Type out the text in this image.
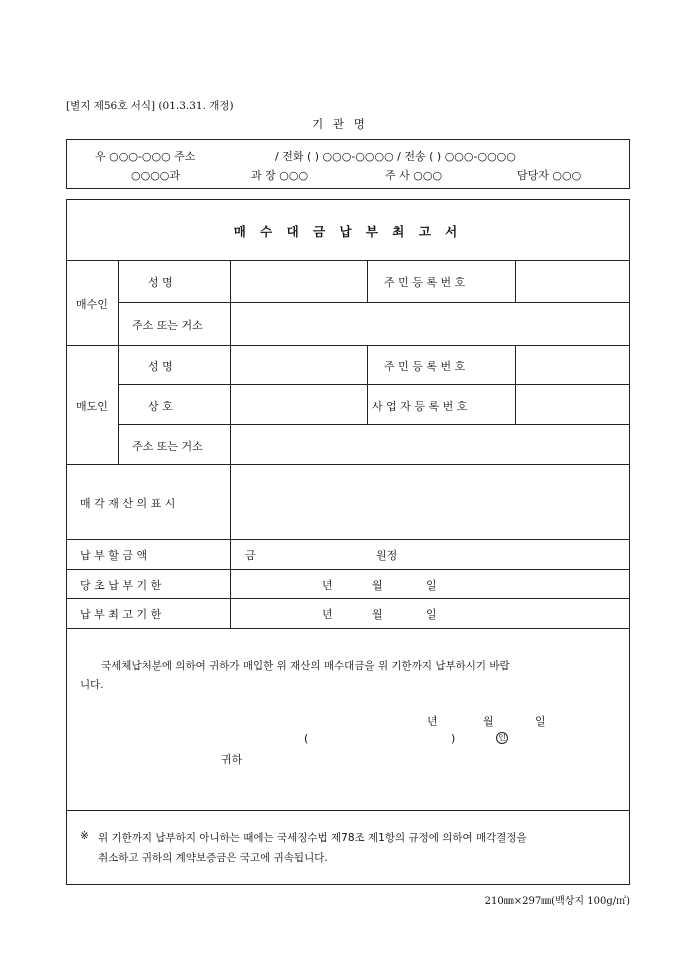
[별지 제56호 서식] (01.3.31. 개정)
기 관 명
우 ○○○-○○○ 주소	/ 전화 ( ) ○○○-○○○○ / 전송 ( ) ○○○-○○○○
○○○○과	과 장 ○○○	주 사 ○○○	담당자 ○○○
매 수 대 금 납 부 최 고 서
매수인
성 명	주 민 등 록 번 호
주소 또는 거소
매도인
성 명	주 민 등 록 번 호
상 호	사 업 자 등 록 번 호
주소 또는 거소
매 각 재 산 의 표 시
납 부 할 금 액	금	원정
당 초 납 부 기 한	년	월	일
납 부 최 고 기 한	년	월	일
국세체납처분에 의하여 귀하가 매입한 위 재산의 매수대금을 위 기한까지 납부하시기 바랍
니다.
년	월	일
(	)	인
귀하
※ 위 기한까지 납부하지 아니하는 때에는 국세징수법 제78조 제1항의 규정에 의하여 매각결정을
취소하고 귀하의 계약보증금은 국고에 귀속됩니다.
210㎜×297㎜(백상지 100g/㎡)
